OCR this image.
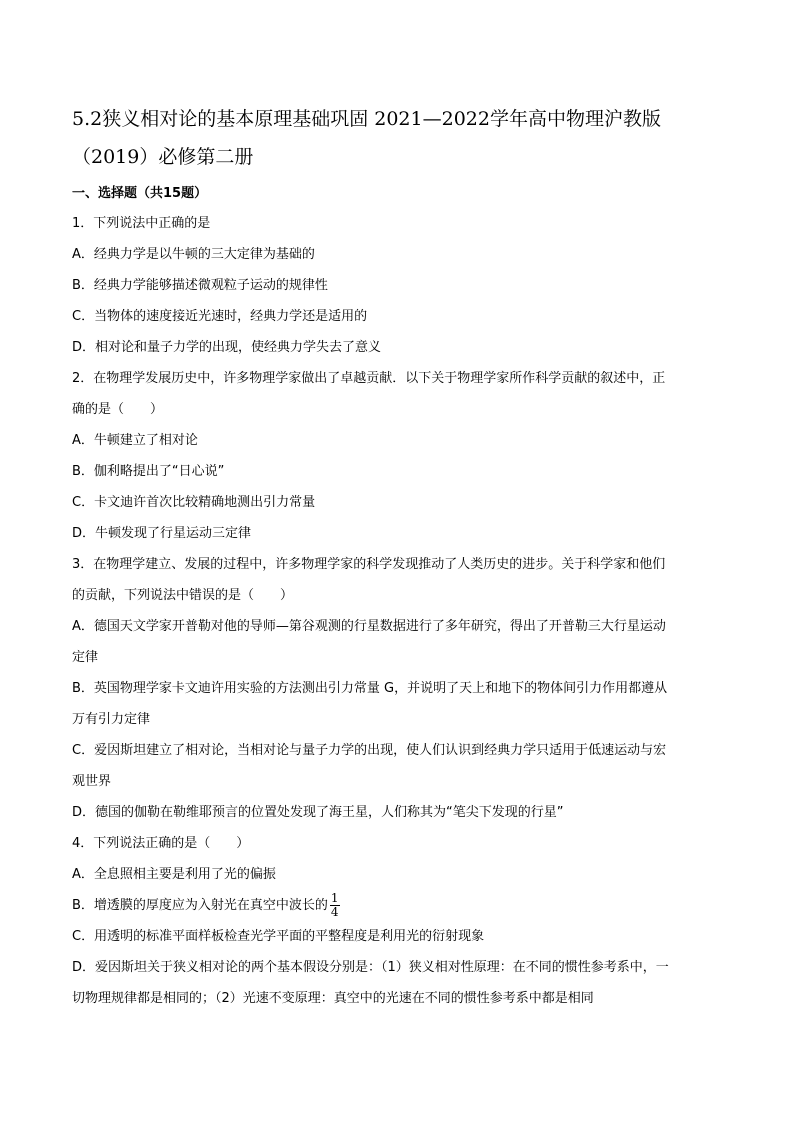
5.2狭义相对论的基本原理基础巩固 2021—2022学年高中物理沪教版
（2019）必修第二册
一、选择题（共15题）
1．下列说法中正确的是
A．经典力学是以牛顿的三大定律为基础的
B．经典力学能够描述微观粒子运动的规律性
C．当物体的速度接近光速时，经典力学还是适用的
D．相对论和量子力学的出现，使经典力学失去了意义
2．在物理学发展历史中，许多物理学家做出了卓越贡献．以下关于物理学家所作科学贡献的叙述中，正
确的是（　　）
A．牛顿建立了相对论
B．伽利略提出了“日心说”
C．卡文迪许首次比较精确地测出引力常量
D．牛顿发现了行星运动三定律
3．在物理学建立、发展的过程中，许多物理学家的科学发现推动了人类历史的进步。关于科学家和他们
的贡献，下列说法中错误的是（　　）
A．德国天文学家开普勒对他的导师—第谷观测的行星数据进行了多年研究，得出了开普勒三大行星运动
定律
B．英国物理学家卡文迪许用实验的方法测出引力常量 G，并说明了天上和地下的物体间引力作用都遵从
万有引力定律
C．爱因斯坦建立了相对论，当相对论与量子力学的出现，使人们认识到经典力学只适用于低速运动与宏
观世界
D．德国的伽勒在勒维耶预言的位置处发现了海王星，人们称其为“笔尖下发现的行星”
4．下列说法正确的是（　　）
A．全息照相主要是利用了光的偏振
B．增透膜的厚度应为入射光在真空中波长的 $\frac{1}{4}$
C．用透明的标准平面样板检查光学平面的平整程度是利用光的衍射现象
D．爱因斯坦关于狭义相对论的两个基本假设分别是：（1）狭义相对性原理：在不同的惯性参考系中，一
切物理规律都是相同的；（2）光速不变原理：真空中的光速在不同的惯性参考系中都是相同
